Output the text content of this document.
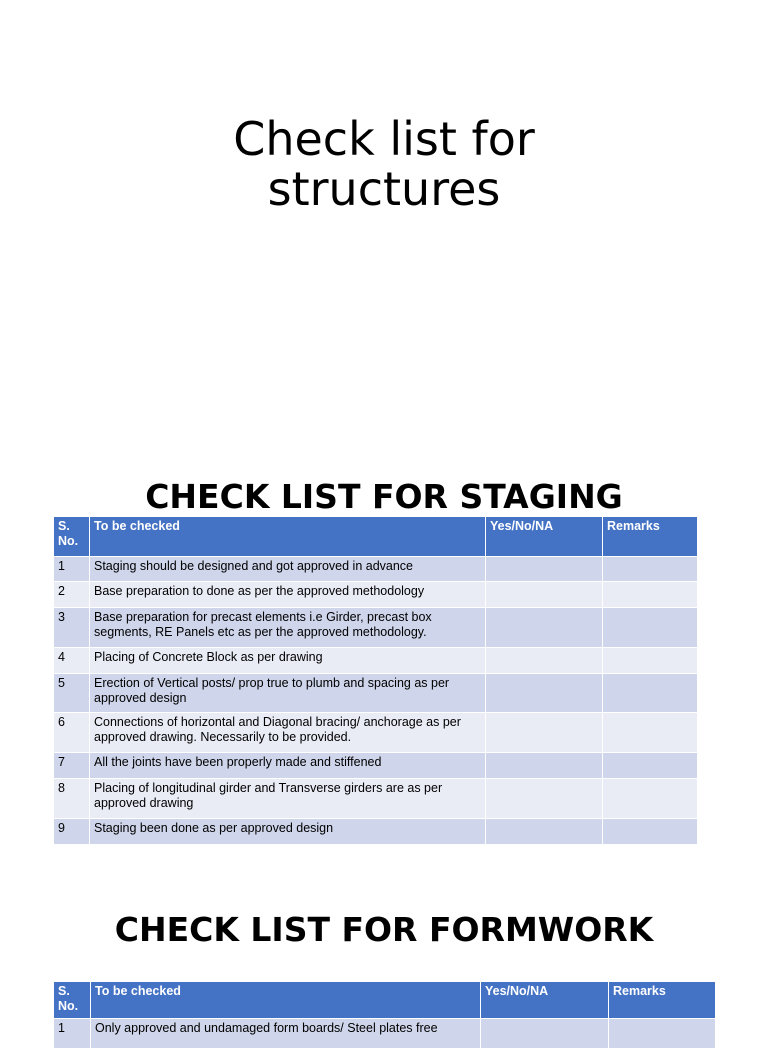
Check list for
structures
CHECK LIST FOR STAGING
S. No.	To be checked	Yes/No/NA	Remarks
1	Staging should be designed and got approved in advance		
2	Base preparation to done as per the approved methodology		
3	Base preparation for precast elements i.e Girder, precast box segments, RE Panels etc as per the approved methodology.		
4	Placing of Concrete Block as per drawing		
5	Erection of Vertical posts/ prop true to plumb and spacing as per approved design		
6	Connections of horizontal and Diagonal bracing/ anchorage as per approved drawing. Necessarily to be provided.		
7	All the joints have been properly made and stiffened		
8	Placing of longitudinal girder and Transverse girders are as per approved drawing		
9	Staging been done as per approved design		
CHECK LIST FOR FORMWORK
S. No.	To be checked	Yes/No/NA	Remarks
1	Only approved and undamaged form boards/ Steel plates free		
